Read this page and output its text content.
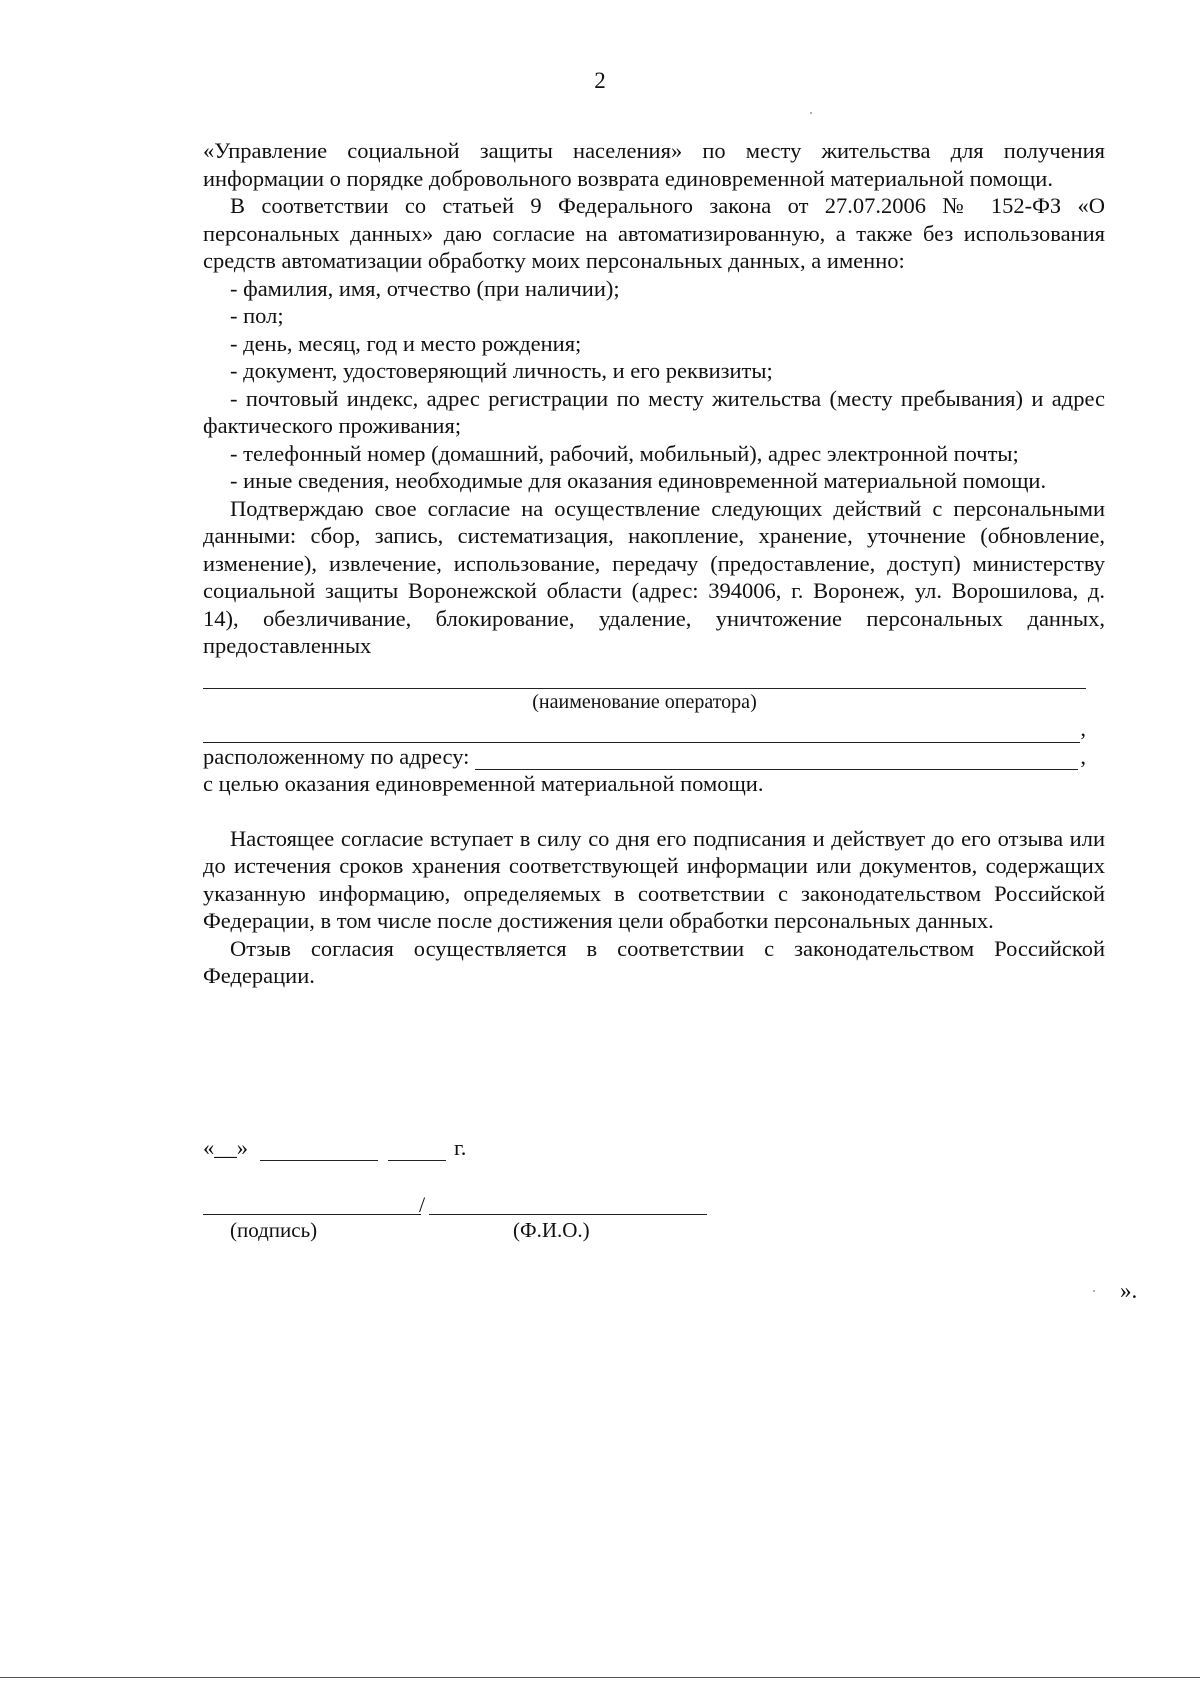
2

«Управление социальной защиты населения» по месту жительства для получения информации о порядке добровольного возврата единовременной материальной помощи.

В соответствии со статьей 9 Федерального закона от 27.07.2006 № 152-ФЗ «О персональных данных» даю согласие на автоматизированную, а также без использования средств автоматизации обработку моих персональных данных, а именно:

- фамилия, имя, отчество (при наличии);

- пол;

- день, месяц, год и место рождения;

- документ, удостоверяющий личность, и его реквизиты;

- почтовый индекс, адрес регистрации по месту жительства (месту пребывания) и адрес фактического проживания;

- телефонный номер (домашний, рабочий, мобильный), адрес электронной почты;

- иные сведения, необходимые для оказания единовременной материальной помощи.

Подтверждаю свое согласие на осуществление следующих действий с персональными данными: сбор, запись, систематизация, накопление, хранение, уточнение (обновление, изменение), извлечение, использование, передачу (предоставление, доступ) министерству социальной защиты Воронежской области (адрес: 394006, г. Воронеж, ул. Ворошилова, д. 14), обезличивание, блокирование, удаление, уничтожение персональных данных, предоставленных

(наименование оператора)
,
расположенному по адресу:	,

с целью оказания единовременной материальной помощи.

Настоящее согласие вступает в силу со дня его подписания и действует до его отзыва или до истечения сроков хранения соответствующей информации или документов, содержащих указанную информацию, определяемых в соответствии с законодательством Российской Федерации, в том числе после достижения цели обработки персональных данных.

Отзыв согласия осуществляется в соответствии с законодательством Российской Федерации.

«__»	г.
/
(подпись)	(Ф.И.О.)
».
